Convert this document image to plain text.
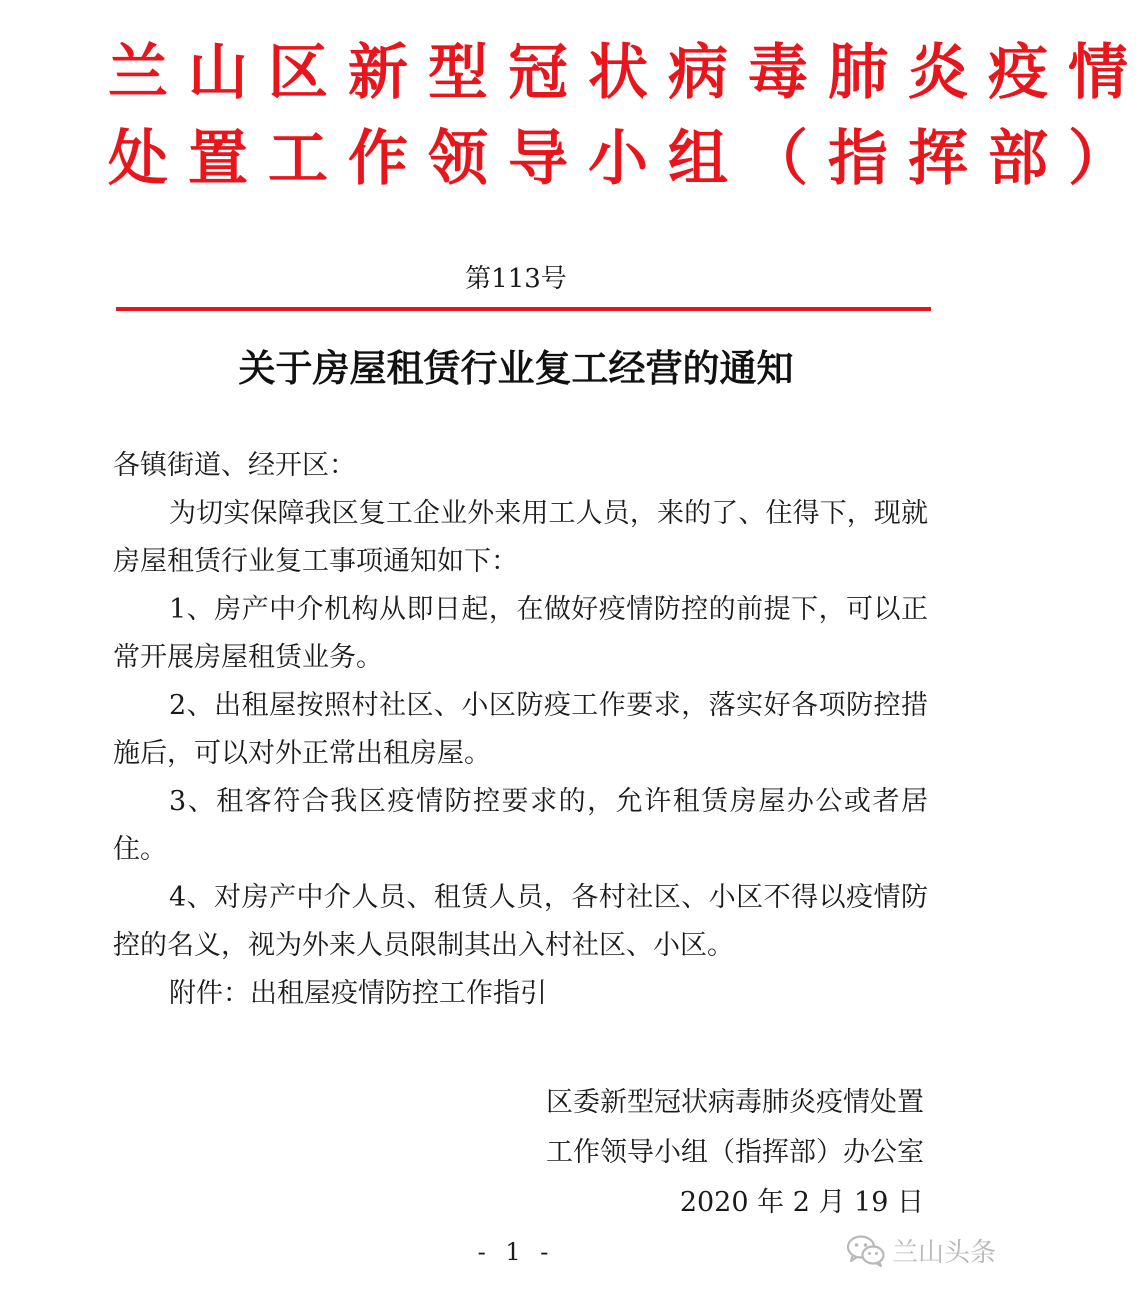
兰山区新型冠状病毒肺炎疫情
处置工作领导小组（指挥部）
第113号
关于房屋租赁行业复工经营的通知

各镇街道、经开区：

为切实保障我区复工企业外来用工人员，来的了、住得下，现就房屋租赁行业复工事项通知如下：

1、房产中介机构从即日起，在做好疫情防控的前提下，可以正常开展房屋租赁业务。

2、出租屋按照村社区、小区防疫工作要求，落实好各项防控措施后，可以对外正常出租房屋。

3、租客符合我区疫情防控要求的，允许租赁房屋办公或者居住。

4、对房产中介人员、租赁人员，各村社区、小区不得以疫情防控的名义，视为外来人员限制其出入村社区、小区。

附件：出租屋疫情防控工作指引

区委新型冠状病毒肺炎疫情处置
工作领导小组（指挥部）办公室
2020 年 2 月 19 日
- 1 -	兰山头条
